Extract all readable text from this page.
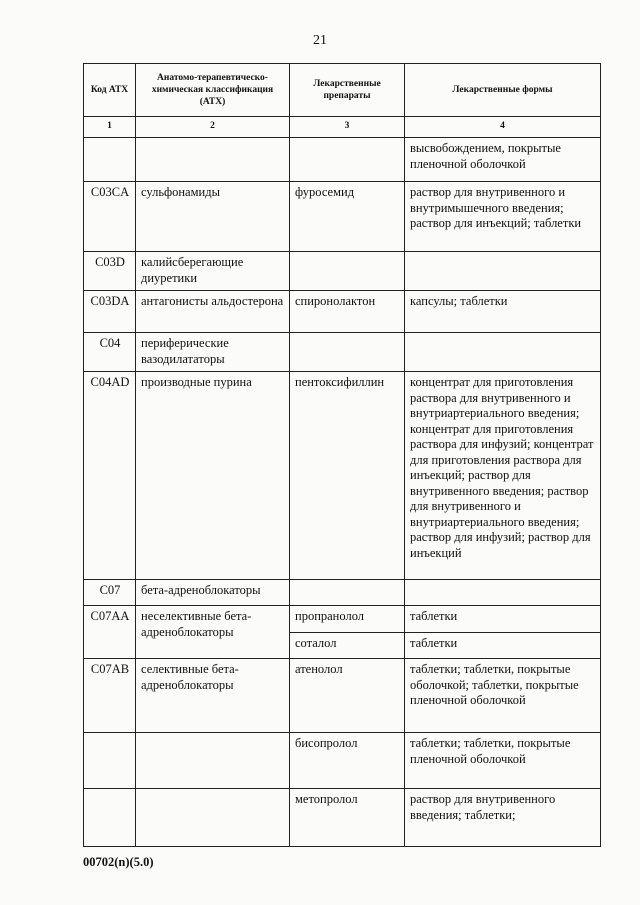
21
Код АТХ	Анатомо-терапевтическо-химическая классификация (АТХ)	Лекарственные препараты	Лекарственные формы
1	2	3	4
			высвобождением, покрытые пленочной оболочкой
C03CA	сульфонамиды	фуросемид	раствор для внутривенного и внутримышечного введения; раствор для инъекций; таблетки
C03D	калийсберегающие диуретики		
C03DA	антагонисты альдостерона	спиронолактон	капсулы; таблетки
C04	периферические вазодилататоры		
C04AD	производные пурина	пентоксифиллин	концентрат для приготовления раствора для внутривенного и внутриартериального введения; концентрат для приготовления раствора для инфузий; концентрат для приготовления раствора для инъекций; раствор для внутривенного введения; раствор для внутривенного и внутриартериального введения; раствор для инфузий; раствор для инъекций
C07	бета-адреноблокаторы		
C07AA	неселективные бета-адреноблокаторы	пропранолол	таблетки
		соталол	таблетки
C07AB	селективные бета-адреноблокаторы	атенолол	таблетки; таблетки, покрытые оболочкой; таблетки, покрытые пленочной оболочкой
		бисопролол	таблетки; таблетки, покрытые пленочной оболочкой
		метопролол	раствор для внутривенного введения; таблетки;
00702(n)(5.0)
